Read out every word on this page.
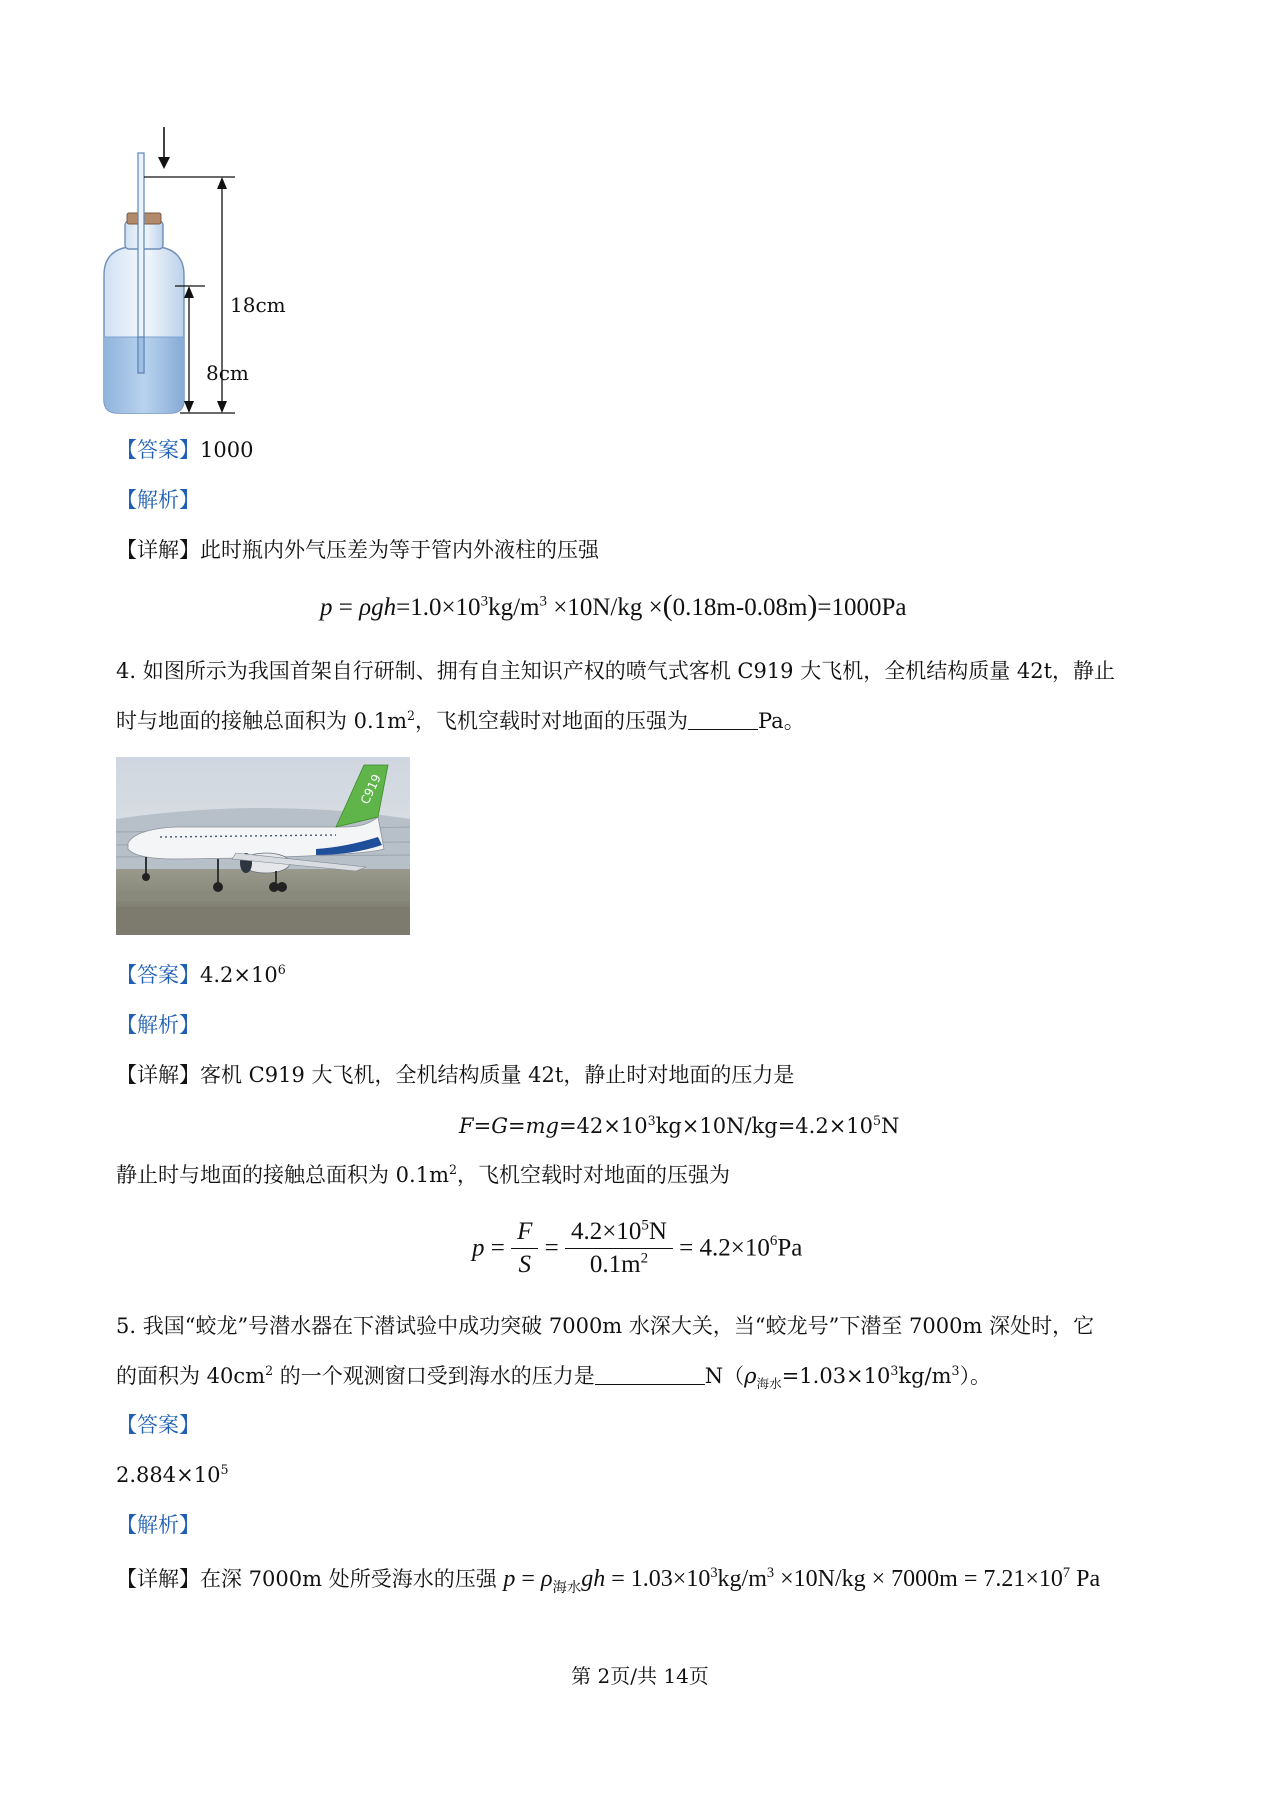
18cm
8cm
【答案】1000
【解析】
【详解】此时瓶内外气压差为等于管内外液柱的压强
$p = \rho gh=1.0\times 10^3kg/m^3 \times 10N/kg \times(0.18m-0.08m)=1000Pa$
4. 如图所示为我国首架自行研制、拥有自主知识产权的喷气式客机 C919 大飞机，全机结构质量 42t，静止
时与地面的接触总面积为 $0.1m^2$，飞机空载时对地面的压强为	Pa。
C919
【答案】$4.2\times 10^6$
【解析】
【详解】客机 C919 大飞机，全机结构质量 42t，静止时对地面的压力是
$F=G=mg=42\times 10^3kg\times 10N/kg=4.2\times 10^5N$
静止时与地面的接触总面积为 $0.1m^2$，飞机空载时对地面的压强为
$p = \frac{F}{S} = \frac{4.2\times 10^5N}{0.1m^2} = 4.2\times 10^6Pa$
5. 我国“蛟龙”号潜水器在下潜试验中成功突破 7000m 水深大关，当“蛟龙号”下潜至 7000m 深处时，它
的面积为 $40cm^2$ 的一个观测窗口受到海水的压力是	$N(\rho_{海水}=1.03\times 10^3kg/m^3)$。
【答案】
$2.884\times 10^5$
【解析】
【详解】在深 7000m 处所受海水的压强 $p = \rho_{海水}gh = 1.03\times 10^3kg/m^3 \times 10N/kg \times 7000m = 7.21\times 10^7$ Pa
第 2页/共 14页
